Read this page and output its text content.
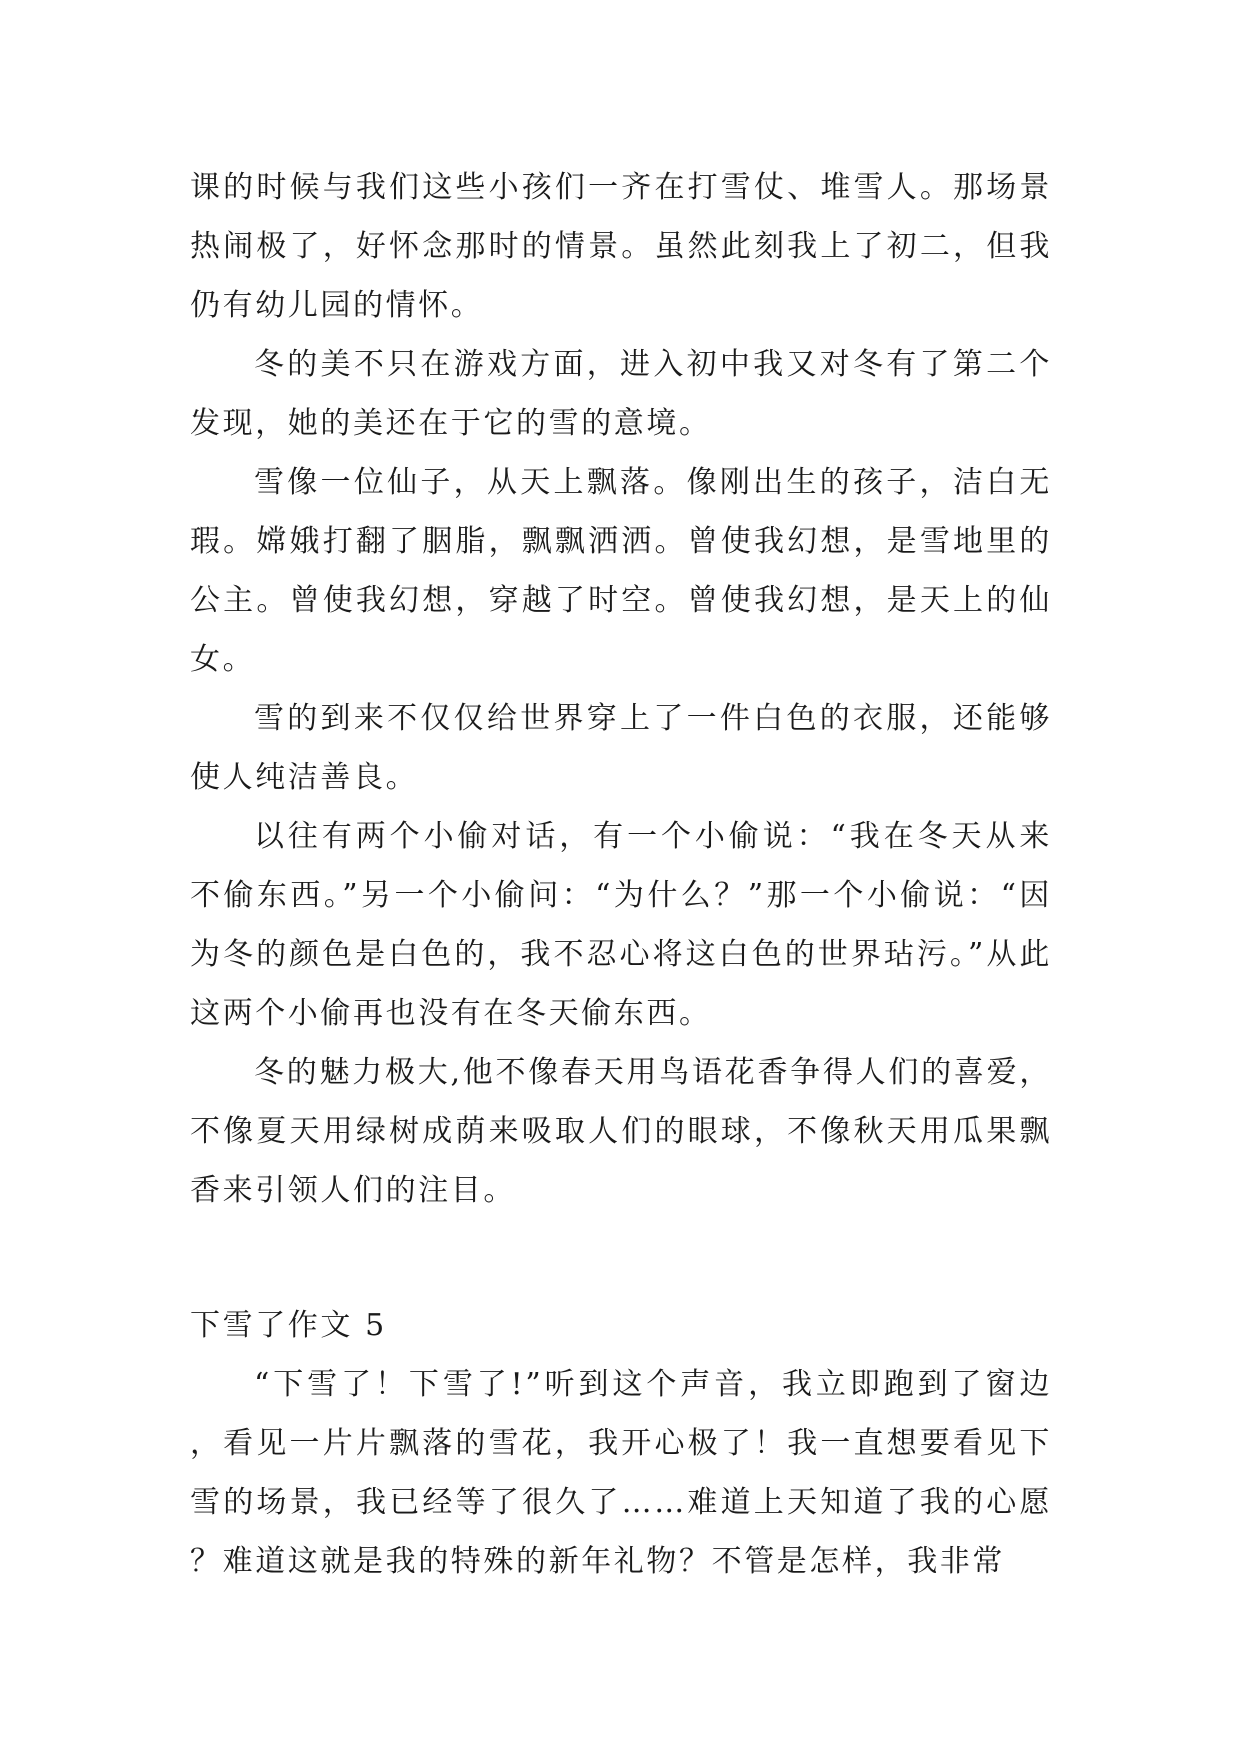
课的时候与我们这些小孩们一齐在打雪仗、堆雪人。那场景热闹极了，好怀念那时的情景。虽然此刻我上了初二，但我仍有幼儿园的情怀。

冬的美不只在游戏方面，进入初中我又对冬有了第二个发现，她的美还在于它的雪的意境。

雪像一位仙子，从天上飘落。像刚出生的孩子，洁白无瑕。嫦娥打翻了胭脂，飘飘洒洒。曾使我幻想，是雪地里的公主。曾使我幻想，穿越了时空。曾使我幻想，是天上的仙女。

雪的到来不仅仅给世界穿上了一件白色的衣服，还能够使人纯洁善良。

以往有两个小偷对话，有一个小偷说：“我在冬天从来不偷东西。”另一个小偷问：“为什么？”那一个小偷说：“因为冬的颜色是白色的，我不忍心将这白色的世界玷污。”从此这两个小偷再也没有在冬天偷东西。

冬的魅力极大,他不像春天用鸟语花香争得人们的喜爱，不像夏天用绿树成荫来吸取人们的眼球，不像秋天用瓜果飘香来引领人们的注目。

下雪了作文 5

“下雪了！下雪了!”听到这个声音，我立即跑到了窗边，看见一片片飘落的雪花，我开心极了！我一直想要看见下雪的场景，我已经等了很久了……难道上天知道了我的心愿？难道这就是我的特殊的新年礼物？不管是怎样，我非常
